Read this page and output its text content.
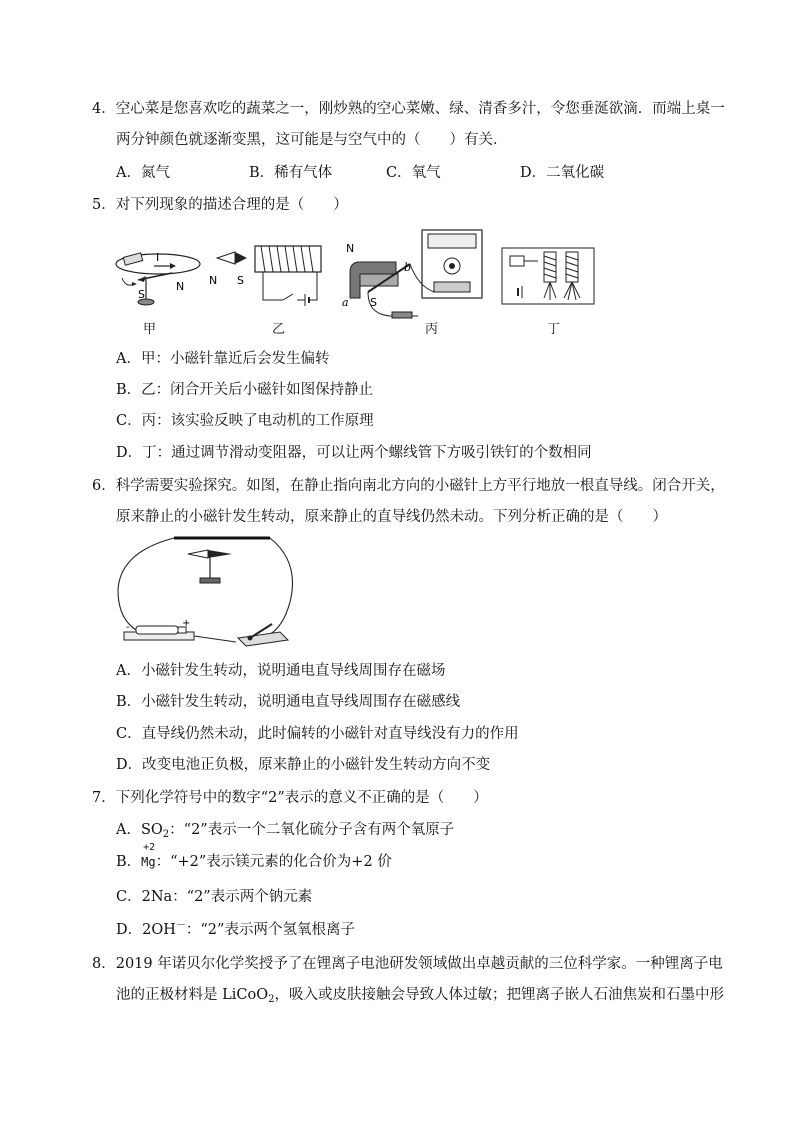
4．空心菜是您喜欢吃的蔬菜之一，刚炒熟的空心菜嫩、绿、清香多汁，令您垂涎欲滴．而端上桌一
两分钟颜色就逐渐变黑，这可能是与空气中的（　　）有关．
A．氮气	B．稀有气体	C．氧气	D．二氧化碳
5．对下列现象的描述合理的是（　　）
I
N
S
甲
N S
乙
N
a
b
S
丙	丁
A．甲：小磁针靠近后会发生偏转
B．乙：闭合开关后小磁针如图保持静止
C．丙：该实验反映了电动机的工作原理
D．丁：通过调节滑动变阻器，可以让两个螺线管下方吸引铁钉的个数相同
6．科学需要实验探究。如图，在静止指向南北方向的小磁针上方平行地放一根直导线。闭合开关，
原来静止的小磁针发生转动，原来静止的直导线仍然未动。下列分析正确的是（　　）
-	+
A．小磁针发生转动，说明通电直导线周围存在磁场
B．小磁针发生转动，说明通电直导线周围存在磁感线
C．直导线仍然未动，此时偏转的小磁针对直导线没有力的作用
D．改变电池正负极，原来静止的小磁针发生转动方向不变
7．下列化学符号中的数字“2”表示的意义不正确的是（　　）
A．$SO_2$：“2”表示一个二氧化硫分子含有两个氧原子
B．
+2
Mg：“+2”表示镁元素的化合价为+2 价
C．2Na：“2”表示两个钠元素
D．2OH－：“2”表示两个氢氧根离子
8．2019 年诺贝尔化学奖授予了在锂离子电池研发领域做出卓越贡献的三位科学家。一种锂离子电
池的正极材料是 LiCoO$_2$，吸入或皮肤接触会导致人体过敏；把锂离子嵌人石油焦炭和石墨中形
